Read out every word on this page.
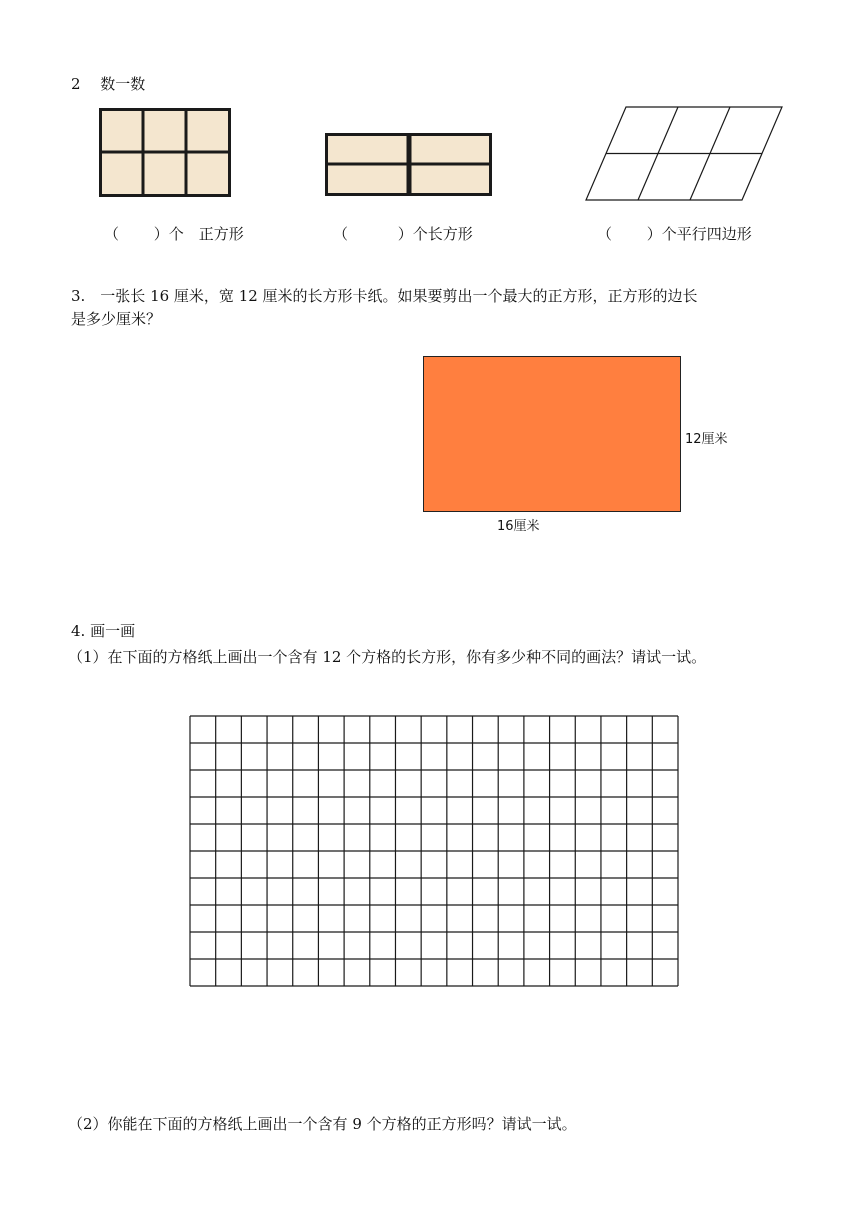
2　 数一数
（　 　）个　正方形	（　　　 ）个长方形	（　　 ）个平行四边形
3.　一张长 16 厘米，宽 12 厘米的长方形卡纸。如果要剪出一个最大的正方形，正方形的边长
是多少厘米？
12厘米
16厘米
4. 画一画
（1）在下面的方格纸上画出一个含有 12 个方格的长方形，你有多少种不同的画法？请试一试。
（2）你能在下面的方格纸上画出一个含有 9 个方格的正方形吗？请试一试。
